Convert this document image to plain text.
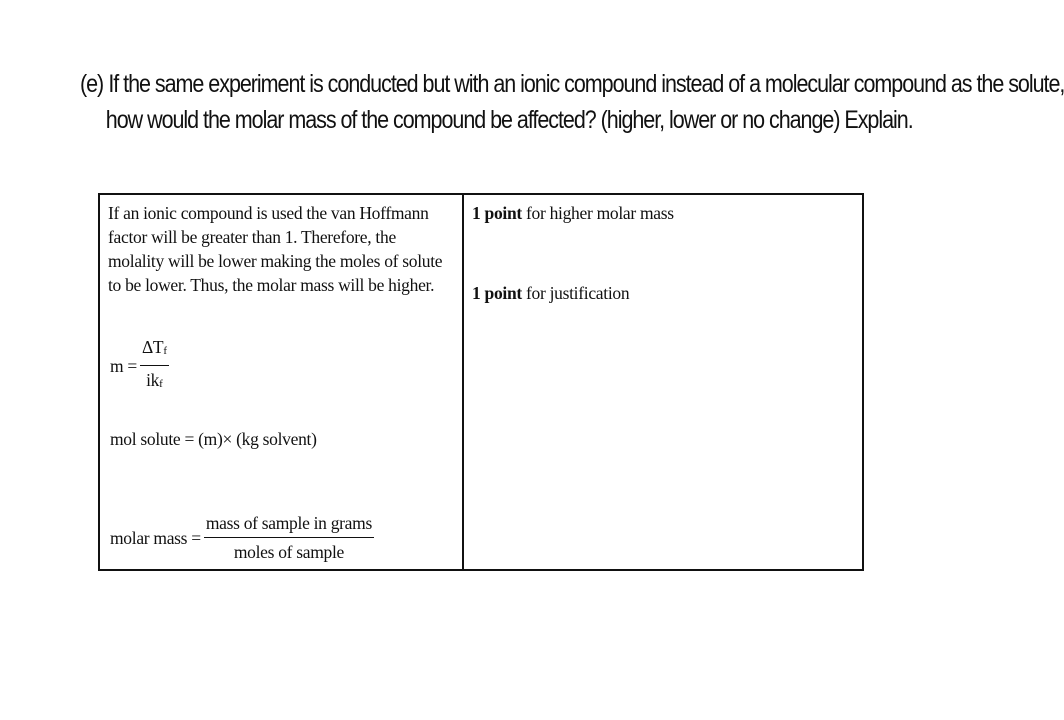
(e) If the same experiment is conducted but with an ionic compound instead of a molecular compound as the solute,
how would the molar mass of the compound be affected? (higher, lower or no change) Explain.
If an ionic compound is used the van Hoffmann
factor will be greater than 1. Therefore, the
molality will be lower making the moles of solute
to be lower. Thus, the molar mass will be higher.
$m = \frac{\text{ΔTf}}{\text{ikf}}$
mol solute = (m)× (kg solvent)
molar mass = $\frac{\text{mass of sample in grams}}{\text{moles of sample}}$
1 point for higher molar mass
1 point for justification
